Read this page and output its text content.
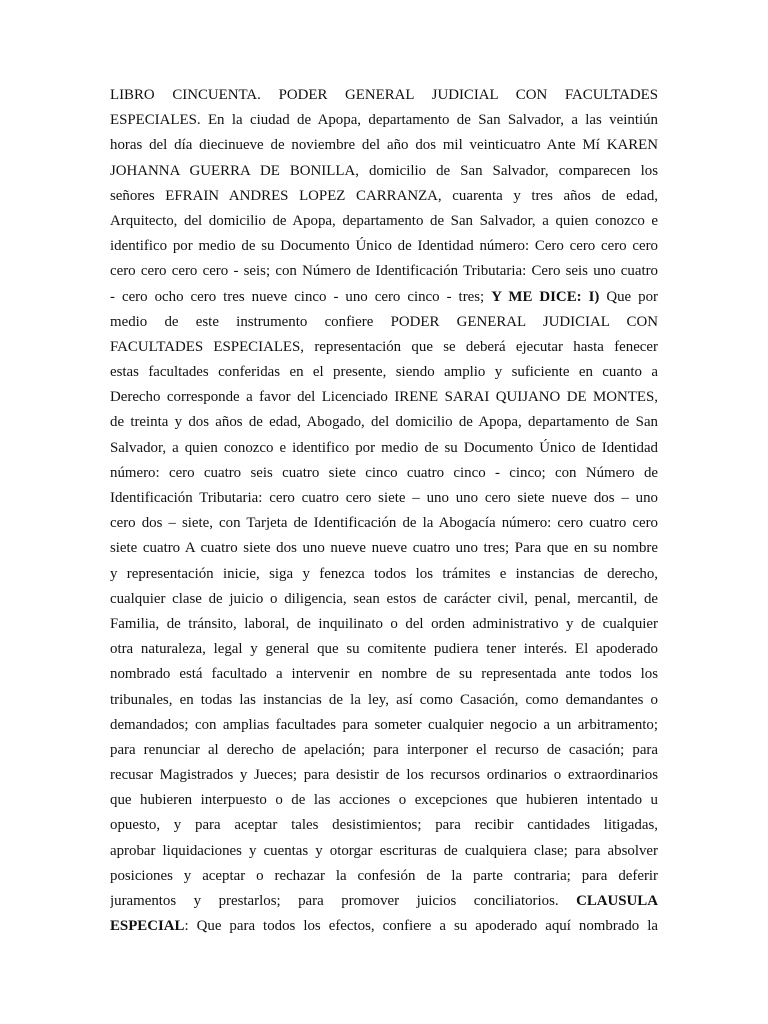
LIBRO CINCUENTA. PODER GENERAL JUDICIAL CON FACULTADES
ESPECIALES. En la ciudad de Apopa, departamento de San Salvador, a las veintiún
horas del día diecinueve de noviembre del año dos mil veinticuatro Ante Mí KAREN
JOHANNA GUERRA DE BONILLA, domicilio de San Salvador, comparecen los
señores EFRAIN ANDRES LOPEZ CARRANZA, cuarenta y tres años de edad,
Arquitecto, del domicilio de Apopa, departamento de San Salvador, a quien conozco e
identifico por medio de su Documento Único de Identidad número: Cero cero cero cero
cero cero cero cero - seis; con Número de Identificación Tributaria: Cero seis uno cuatro
- cero ocho cero tres nueve cinco - uno cero cinco - tres; Y ME DICE: I) Que por
medio de este instrumento confiere PODER GENERAL JUDICIAL CON
FACULTADES ESPECIALES, representación que se deberá ejecutar hasta fenecer
estas facultades conferidas en el presente, siendo amplio y suficiente en cuanto a
Derecho corresponde a favor del Licenciado IRENE SARAI QUIJANO DE MONTES,
de treinta y dos años de edad, Abogado, del domicilio de Apopa, departamento de San
Salvador, a quien conozco e identifico por medio de su Documento Único de Identidad
número: cero cuatro seis cuatro siete cinco cuatro cinco - cinco; con Número de
Identificación Tributaria: cero cuatro cero siete – uno uno cero siete nueve dos – uno
cero dos – siete, con Tarjeta de Identificación de la Abogacía número: cero cuatro cero
siete cuatro A cuatro siete dos uno nueve nueve cuatro uno tres; Para que en su nombre
y representación inicie, siga y fenezca todos los trámites e instancias de derecho,
cualquier clase de juicio o diligencia, sean estos de carácter civil, penal, mercantil, de
Familia, de tránsito, laboral, de inquilinato o del orden administrativo y de cualquier
otra naturaleza, legal y general que su comitente pudiera tener interés. El apoderado
nombrado está facultado a intervenir en nombre de su representada ante todos los
tribunales, en todas las instancias de la ley, así como Casación, como demandantes o
demandados; con amplias facultades para someter cualquier negocio a un arbitramento;
para renunciar al derecho de apelación; para interponer el recurso de casación; para
recusar Magistrados y Jueces; para desistir de los recursos ordinarios o extraordinarios
que hubieren interpuesto o de las acciones o excepciones que hubieren intentado u
opuesto, y para aceptar tales desistimientos; para recibir cantidades litigadas,
aprobar liquidaciones y cuentas y otorgar escrituras de cualquiera clase; para absolver
posiciones y aceptar o rechazar la confesión de la parte contraria; para deferir
juramentos y prestarlos; para promover juicios conciliatorios. CLAUSULA
ESPECIAL: Que para todos los efectos, confiere a su apoderado aquí nombrado la
